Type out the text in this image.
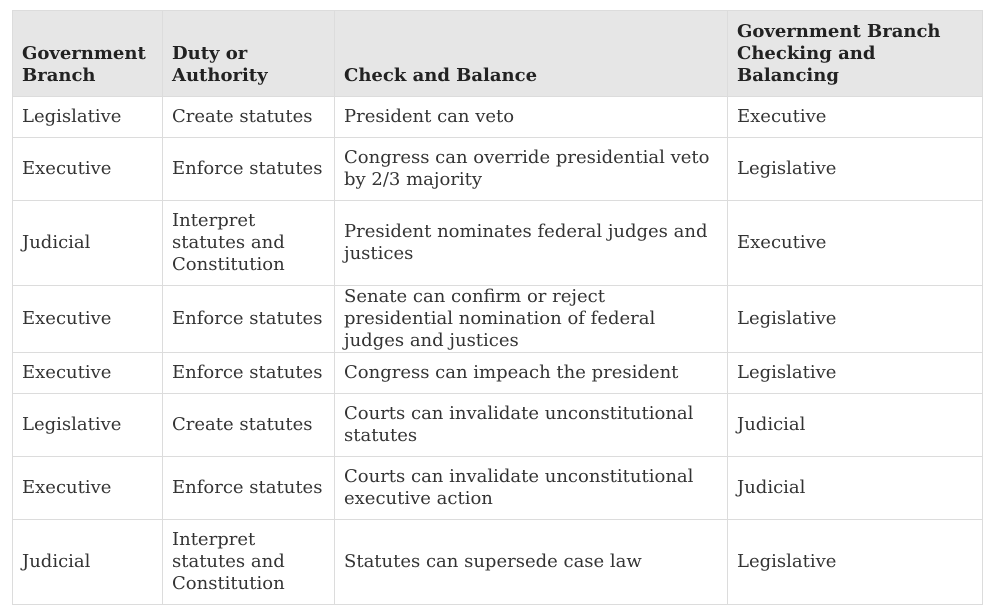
Government Branch	Duty or Authority	Check and Balance	Government Branch Checking and Balancing
Legislative	Create statutes	President can veto	Executive
Executive	Enforce statutes	Congress can override presidential veto by 2/3 majority	Legislative
Judicial	Interpret statutes and Constitution	President nominates federal judges and justices	Executive
Executive	Enforce statutes	Senate can confirm or reject presidential nomination of federal judges and justices	Legislative
Executive	Enforce statutes	Congress can impeach the president	Legislative
Legislative	Create statutes	Courts can invalidate unconstitutional statutes	Judicial
Executive	Enforce statutes	Courts can invalidate unconstitutional executive action	Judicial
Judicial	Interpret statutes and Constitution	Statutes can supersede case law	Legislative
